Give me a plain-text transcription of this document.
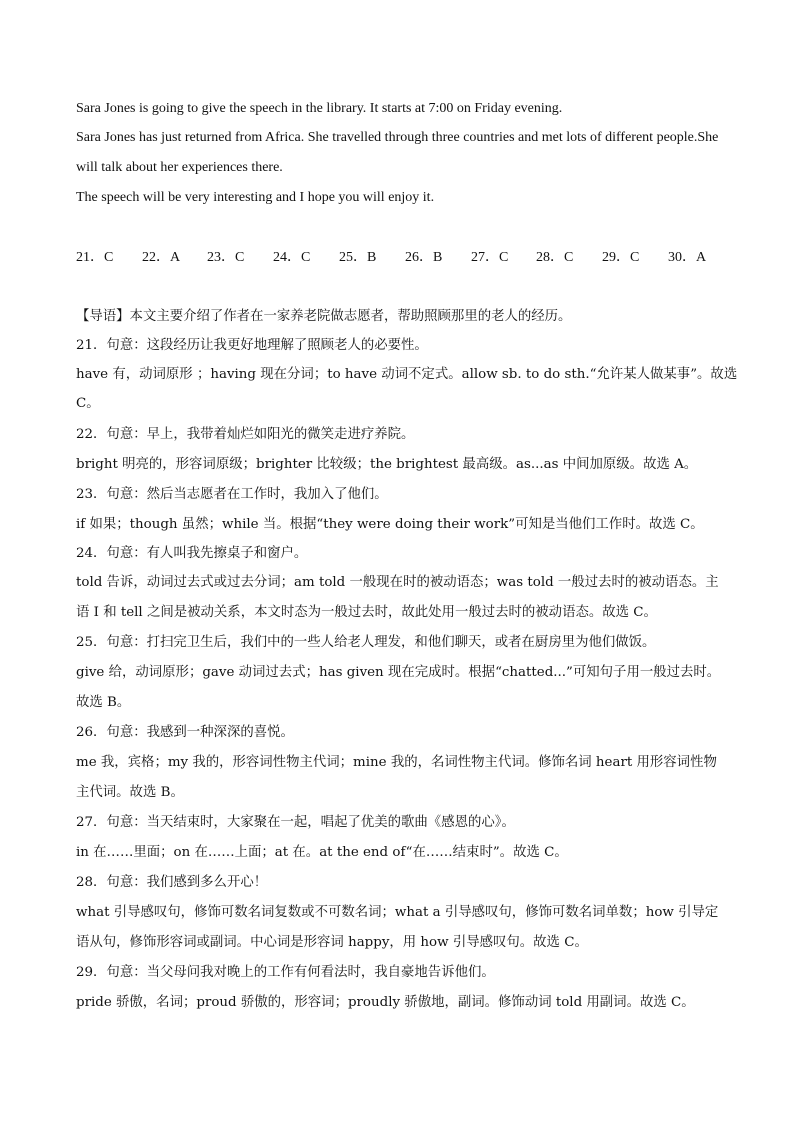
Sara Jones is going to give the speech in the library. It starts at 7:00 on Friday evening.
Sara Jones has just returned from Africa. She travelled through three countries and met lots of different people.She
will talk about her experiences there.
The speech will be very interesting and I hope you will enjoy it.
21．C 22．A 23．C 24．C 25．B 26．B 27．C 28．C 29．C 30．A
【导语】本文主要介绍了作者在一家养老院做志愿者，帮助照顾那里的老人的经历。
21．句意：这段经历让我更好地理解了照顾老人的必要性。
have 有，动词原形 ；having 现在分词；to have 动词不定式。allow sb. to do sth.“允许某人做某事”。故选
C。
22．句意：早上，我带着灿烂如阳光的微笑走进疗养院。
bright 明亮的，形容词原级；brighter 比较级；the brightest 最高级。as...as 中间加原级。故选 A。
23．句意：然后当志愿者在工作时，我加入了他们。
if 如果；though 虽然；while 当。根据“they were doing their work”可知是当他们工作时。故选 C。
24．句意：有人叫我先擦桌子和窗户。
told 告诉，动词过去式或过去分词；am told 一般现在时的被动语态；was told 一般过去时的被动语态。主
语 I 和 tell 之间是被动关系，本文时态为一般过去时，故此处用一般过去时的被动语态。故选 C。
25．句意：打扫完卫生后，我们中的一些人给老人理发，和他们聊天，或者在厨房里为他们做饭。
give 给，动词原形；gave 动词过去式；has given 现在完成时。根据“chatted...”可知句子用一般过去时。
故选 B。
26．句意：我感到一种深深的喜悦。
me 我，宾格；my 我的，形容词性物主代词；mine 我的，名词性物主代词。修饰名词 heart 用形容词性物
主代词。故选 B。
27．句意：当天结束时，大家聚在一起，唱起了优美的歌曲《感恩的心》。
in 在……里面；on 在……上面；at 在。at the end of“在……结束时”。故选 C。
28．句意：我们感到多么开心！
what 引导感叹句，修饰可数名词复数或不可数名词；what a 引导感叹句，修饰可数名词单数；how 引导定
语从句，修饰形容词或副词。中心词是形容词 happy，用 how 引导感叹句。故选 C。
29．句意：当父母问我对晚上的工作有何看法时，我自豪地告诉他们。
pride 骄傲，名词；proud 骄傲的，形容词；proudly 骄傲地，副词。修饰动词 told 用副词。故选 C。
